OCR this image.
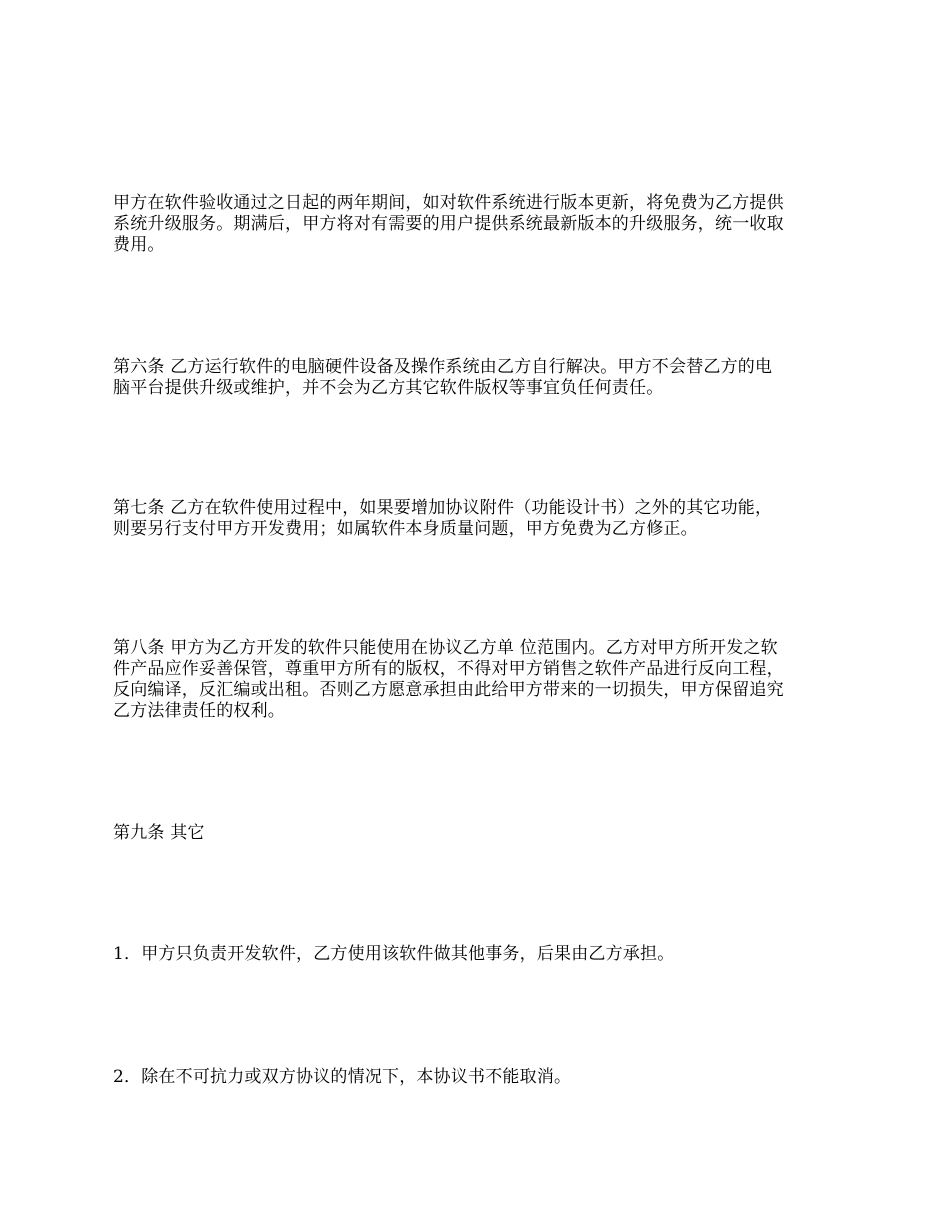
甲方在软件验收通过之日起的两年期间，如对软件系统进行版本更新，将免费为乙方提供
系统升级服务。期满后，甲方将对有需要的用户提供系统最新版本的升级服务，统一收取
费用。

第六条 乙方运行软件的电脑硬件设备及操作系统由乙方自行解决。甲方不会替乙方的电
脑平台提供升级或维护，并不会为乙方其它软件版权等事宜负任何责任。

第七条 乙方在软件使用过程中，如果要增加协议附件（功能设计书）之外的其它功能，
则要另行支付甲方开发费用；如属软件本身质量问题，甲方免费为乙方修正。

第八条 甲方为乙方开发的软件只能使用在协议乙方单 位范围内。乙方对甲方所开发之软
件产品应作妥善保管，尊重甲方所有的版权，不得对甲方销售之软件产品进行反向工程，
反向编译，反汇编或出租。否则乙方愿意承担由此给甲方带来的一切损失，甲方保留追究
乙方法律责任的权利。

第九条 其它

1．甲方只负责开发软件，乙方使用该软件做其他事务，后果由乙方承担。

2．除在不可抗力或双方协议的情况下，本协议书不能取消。
